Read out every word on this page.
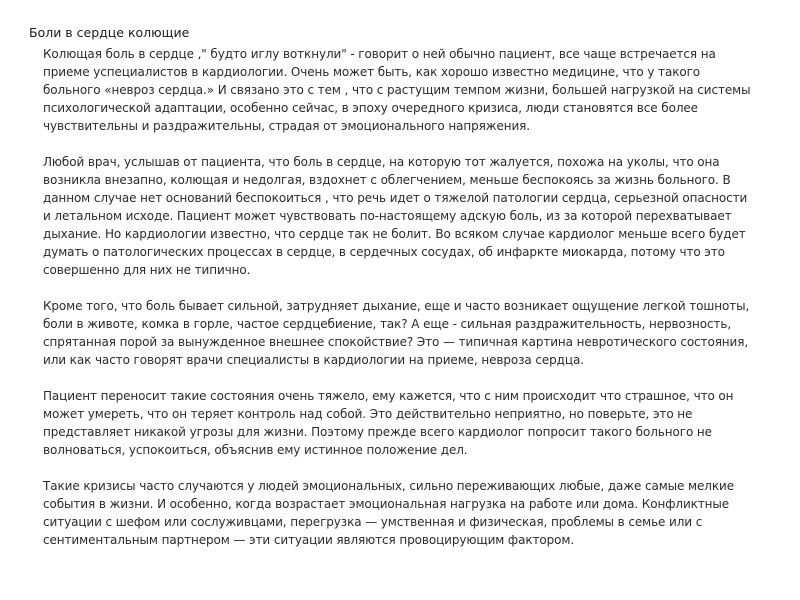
Боли в сердце колющие

Колющая боль в сердце ," будто иглу воткнули" - говорит о ней обычно пациент, все чаще встречается на
приеме успециалистов в кардиологии. Очень может быть, как хорошо известно медицине, что у такого
больного «невроз сердца.» И связано это с тем , что с растущим темпом жизни, большей нагрузкой на системы
психологической адаптации, особенно сейчас, в эпоху очередного кризиса, люди становятся все более
чувствительны и раздражительны, страдая от эмоционального напряжения.

Любой врач, услышав от пациента, что боль в сердце, на которую тот жалуется, похожа на уколы, что она
возникла внезапно, колющая и недолгая, вздохнет с облегчением, меньше беспокоясь за жизнь больного. В
данном случае нет оснований беспокоиться , что речь идет о тяжелой патологии сердца, серьезной опасности
и летальном исходе. Пациент может чувствовать по-настоящему адскую боль, из за которой перехватывает
дыхание. Но кардиологии известно, что сердце так не болит. Во всяком случае кардиолог меньше всего будет
думать о патологических процессах в сердце, в сердечных сосудах, об инфаркте миокарда, потому что это
совершенно для них не типично.

Кроме того, что боль бывает сильной, затрудняет дыхание, еще и часто возникает ощущение легкой тошноты,
боли в животе, комка в горле, частое сердцебиение, так? А еще - сильная раздражительность, нервозность,
спрятанная порой за вынужденное внешнее спокойствие? Это — типичная картина невротического состояния,
или как часто говорят врачи специалисты в кардиологии на приеме, невроза сердца.

Пациент переносит такие состояния очень тяжело, ему кажется, что с ним происходит что страшное, что он
может умереть, что он теряет контроль над собой. Это действительно неприятно, но поверьте, это не
представляет никакой угрозы для жизни. Поэтому прежде всего кардиолог попросит такого больного не
волноваться, успокоиться, объяснив ему истинное положение дел.

Такие кризисы часто случаются у людей эмоциональных, сильно переживающих любые, даже самые мелкие
события в жизни. И особенно, когда возрастает эмоциональная нагрузка на работе или дома. Конфликтные
ситуации с шефом или сослуживцами, перегрузка — умственная и физическая, проблемы в семье или с
сентиментальным партнером — эти ситуации являются провоцирующим фактором.
